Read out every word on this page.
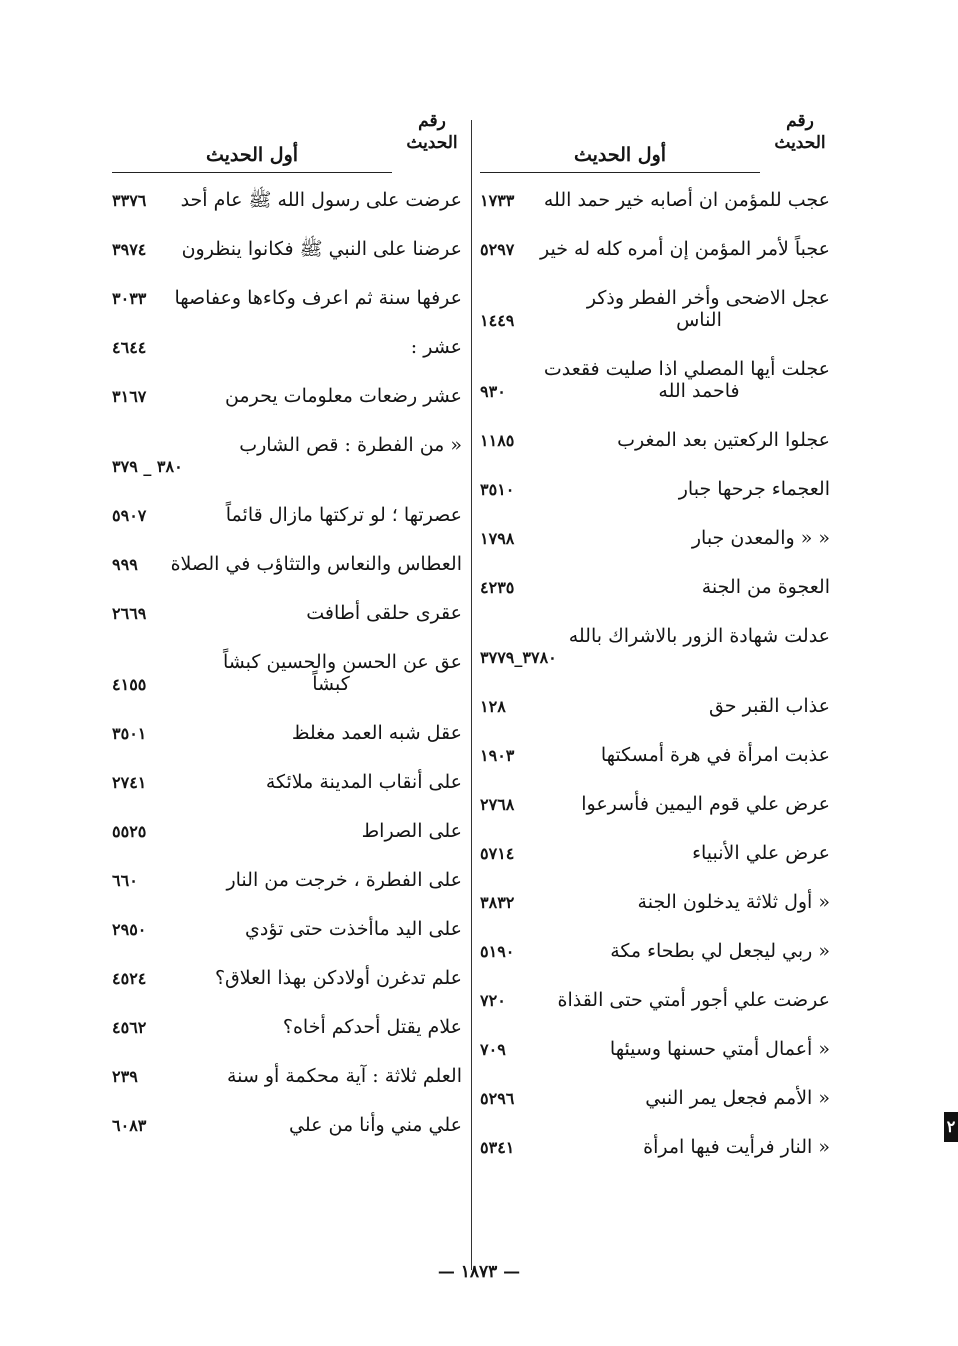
رقم
الحديث
أول الحديث
عجب للمؤمن ان أصابه خير حمد الله
١٧٣٣
عجباً لأمر المؤمن إن أمره كله له خير
٥٢٩٧
عجل الاضحى وأخر الفطر وذكر
الناس
١٤٤٩
عجلت أيها المصلي اذا صليت فقعدت
فاحمد الله
٩٣٠
عجلوا الركعتين بعد المغرب
١١٨٥
العجماء جرحها جبار
٣٥١٠
« « والمعدن جبار
١٧٩٨
العجوة من الجنة
٤٢٣٥
عدلت شهادة الزور بالاشراك بالله
٣٧٨٠_٣٧٧٩
عذاب القبر حق
١٢٨
عذبت امرأة في هرة أمسكتها
١٩٠٣
عرض علي قوم اليمين فأسرعوا
٢٧٦٨
عرض علي الأنبياء
٥٧١٤
« أول ثلاثة يدخلون الجنة
٣٨٣٢
« ربي ليجعل لي بطحاء مكة
٥١٩٠
عرضت علي أجور أمتي حتى القذاة
٧٢٠
« أعمال أمتي حسنها وسيئها
٧٠٩
« الأمم فجعل يمر النبي
٥٢٩٦
« النار فرأيت فيها امرأة
٥٣٤١
رقم
الحديث
أول الحديث
عرضت على رسول الله ﷺ عام أحد
٣٣٧٦
عرضنا على النبي ﷺ فكانوا ينظرون
٣٩٧٤
عرفها سنة ثم اعرف وكاءها وعفاصها
٣٠٣٣
عشر :
٤٦٤٤
عشر رضعات معلومات يحرمن
٣١٦٧
« من الفطرة : قص الشارب
٣٨٠ _ ٣٧٩
عصرتها ؛ لو تركتها مازال قائماً
٥٩٠٧
العطاس والنعاس والتثاؤب في الصلاة
٩٩٩
عقرى حلقى أطافت
٢٦٦٩
عق عن الحسن والحسين كبشاً
كبشاً
٤١٥٥
عقل شبه العمد مغلظ
٣٥٠١
على أنقاب المدينة ملائكة
٢٧٤١
على الصراط
٥٥٢٥
على الفطرة ، خرجت من النار
٦٦٠
على اليد ماأخذت حتى تؤدي
٢٩٥٠
علم تدغرن أولادكن بهذا العلاق؟
٤٥٢٤
علام يقتل أحدكم أخاه؟
٤٥٦٢
العلم ثلاثة : آية محكمة أو سنة
٢٣٩
علي مني وأنا من علي
٦٠٨٣	٢
— ١٨٧٣ —
